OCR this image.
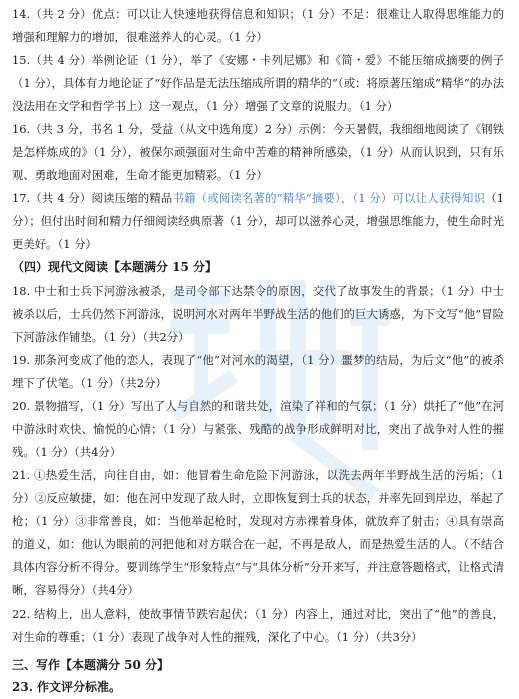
14.（共 2 分）优点：可以让人快速地获得信息和知识；（1 分）不足：很难让人取得思维能力的增强和理解力的增加，很难滋养人的心灵。（1 分）
15.（共 4 分）举例论证（1 分），举了《安娜・卡列尼娜》和《简・爱》不能压缩成摘要的例子（1 分），具体有力地论证了“好作品是无法压缩成所谓的精华的”（或：将原著压缩成“精华”的办法没法用在文学和哲学书上）这一观点，（1 分）增强了文章的说服力。（1 分）
16.（共 3 分，书名 1 分，受益（从文中选角度）2 分）示例：今天暑假，我细细地阅读了《钢铁是怎样炼成的》（1 分），被保尔顽强面对生命中苦难的精神所感染，（1 分）从而认识到，只有乐观、勇敢地面对困难，生命才能更加精彩。（1 分）
17.（共 4 分）阅读压缩的精品书籍（或阅读名著的“精华”摘要），（1 分）可以让人获得知识（1 分）；但付出时间和精力仔细阅读经典原著（1 分），却可以滋养心灵，增强思维能力，使生命时光更美好。（1 分）
（四）现代文阅读【本题满分 15 分】
18. 中士和士兵下河游泳被杀，是司令部下达禁令的原因，交代了故事发生的背景；（1 分）中士被杀以后，士兵仍然下河游泳，说明河水对两年半野战生活的他们的巨大诱惑，为下文写“他”冒险下河游泳作铺垫。（1 分）（共2分）
19. 那条河变成了他的恋人，表现了“他”对河水的渴望，（1 分）噩梦的结局，为后文“他”的被杀埋下了伏笔。（1 分）（共2分）
20. 景物描写，（1 分）写出了人与自然的和谐共处，渲染了祥和的气氛；（1 分）烘托了“他”在河中游泳时欢快、愉悦的心情；（1 分）与紧张、残酷的战争形成鲜明对比，突出了战争对人性的摧残。（1 分）（共4分）
21. ①热爱生活，向往自由，如：他冒着生命危险下河游泳，以洗去两年半野战生活的污垢；（1 分）②反应敏捷，如：他在河中发现了敌人时，立即恢复到士兵的状态，并率先回到岸边，举起了枪；（1 分）③非常善良，如：当他举起枪时，发现对方赤裸着身体，就放弃了射击；④具有崇高的道义，如：他认为眼前的河把他和对方联合在一起，不再是敌人，而是热爱生活的人。（不结合具体内容分析不得分。要训练学生“形象特点”与“具体分析”分开来写，并注意答题格式，让格式清晰，容易得分）（共4分）
22. 结构上，出人意料，使故事情节跌宕起伏；（1 分）内容上，通过对比，突出了“他”的善良，对生命的尊重；（1 分）表现了战争对人性的摧残，深化了中心。（1 分）（共3分）
三、写作【本题满分 50 分】
23. 作文评分标准。
